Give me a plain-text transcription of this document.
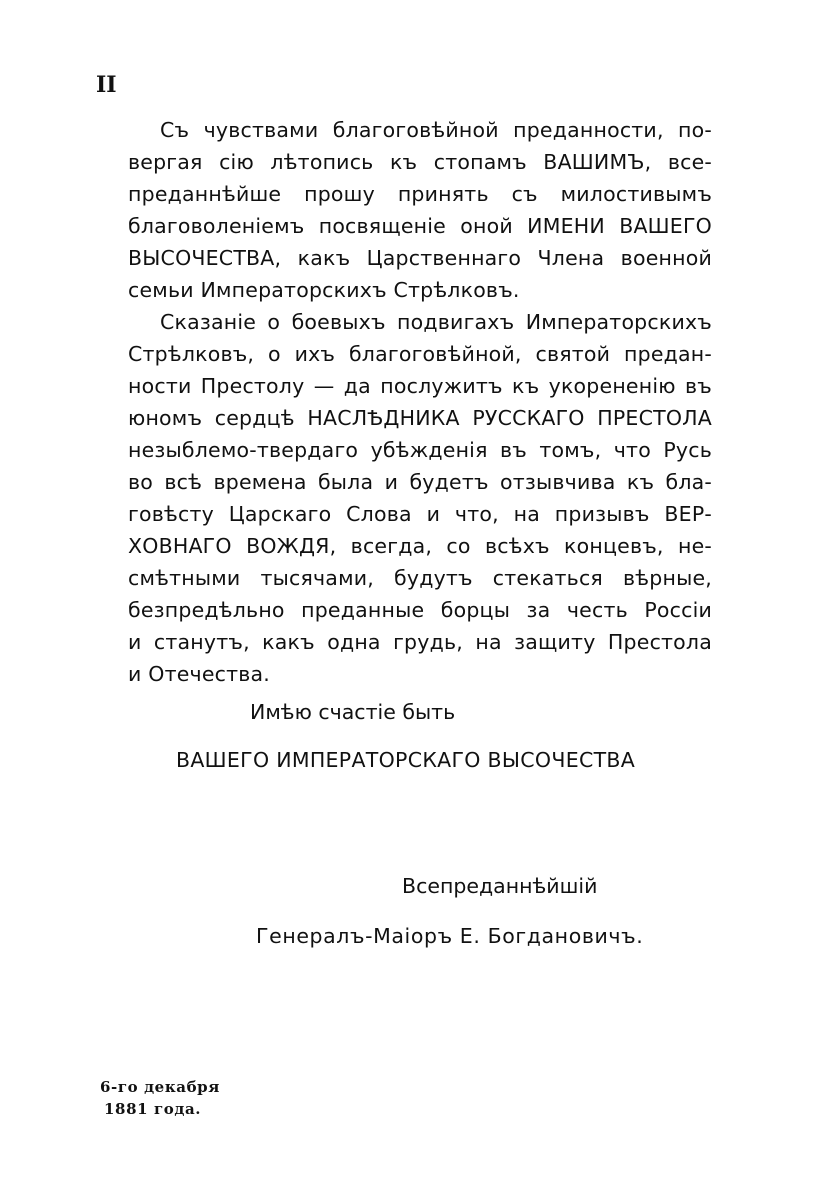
II
Съ чувствами благоговѣйной преданности, по-
вергая сію лѣтопись къ стопамъ ВАШИМЪ, все-
преданнѣйше прошу принять съ милостивымъ
благоволеніемъ посвященіе оной ИМЕНИ ВАШЕГО
ВЫСОЧЕСТВА, какъ Царственнаго Члена военной
семьи Императорскихъ Стрѣлковъ.
Сказаніе о боевыхъ подвигахъ Императорскихъ
Стрѣлковъ, о ихъ благоговѣйной, святой предан-
ности Престолу — да послужитъ къ укорененію въ
юномъ сердцѣ НАСЛѢДНИКА РУССКАГО ПРЕСТОЛА
незыблемо-твердаго убѣжденія въ томъ, что Русь
во всѣ времена была и будетъ отзывчива къ бла-
говѣсту Царскаго Слова и что, на призывъ ВЕР-
ХОВНАГО ВОЖДЯ, всегда, со всѣхъ концевъ, не-
смѣтными тысячами, будутъ стекаться вѣрные,
безпредѣльно преданные борцы за честь Россіи
и станутъ, какъ одна грудь, на защиту Престола
и Отечества.
Имѣю счастіе быть
ВАШЕГО ИМПЕРАТОРСКАГО ВЫСОЧЕСТВА
Всепреданнѣйшій
Генералъ-Маіоръ Е. Богдановичъ.
6-го декабря
1881 года.
